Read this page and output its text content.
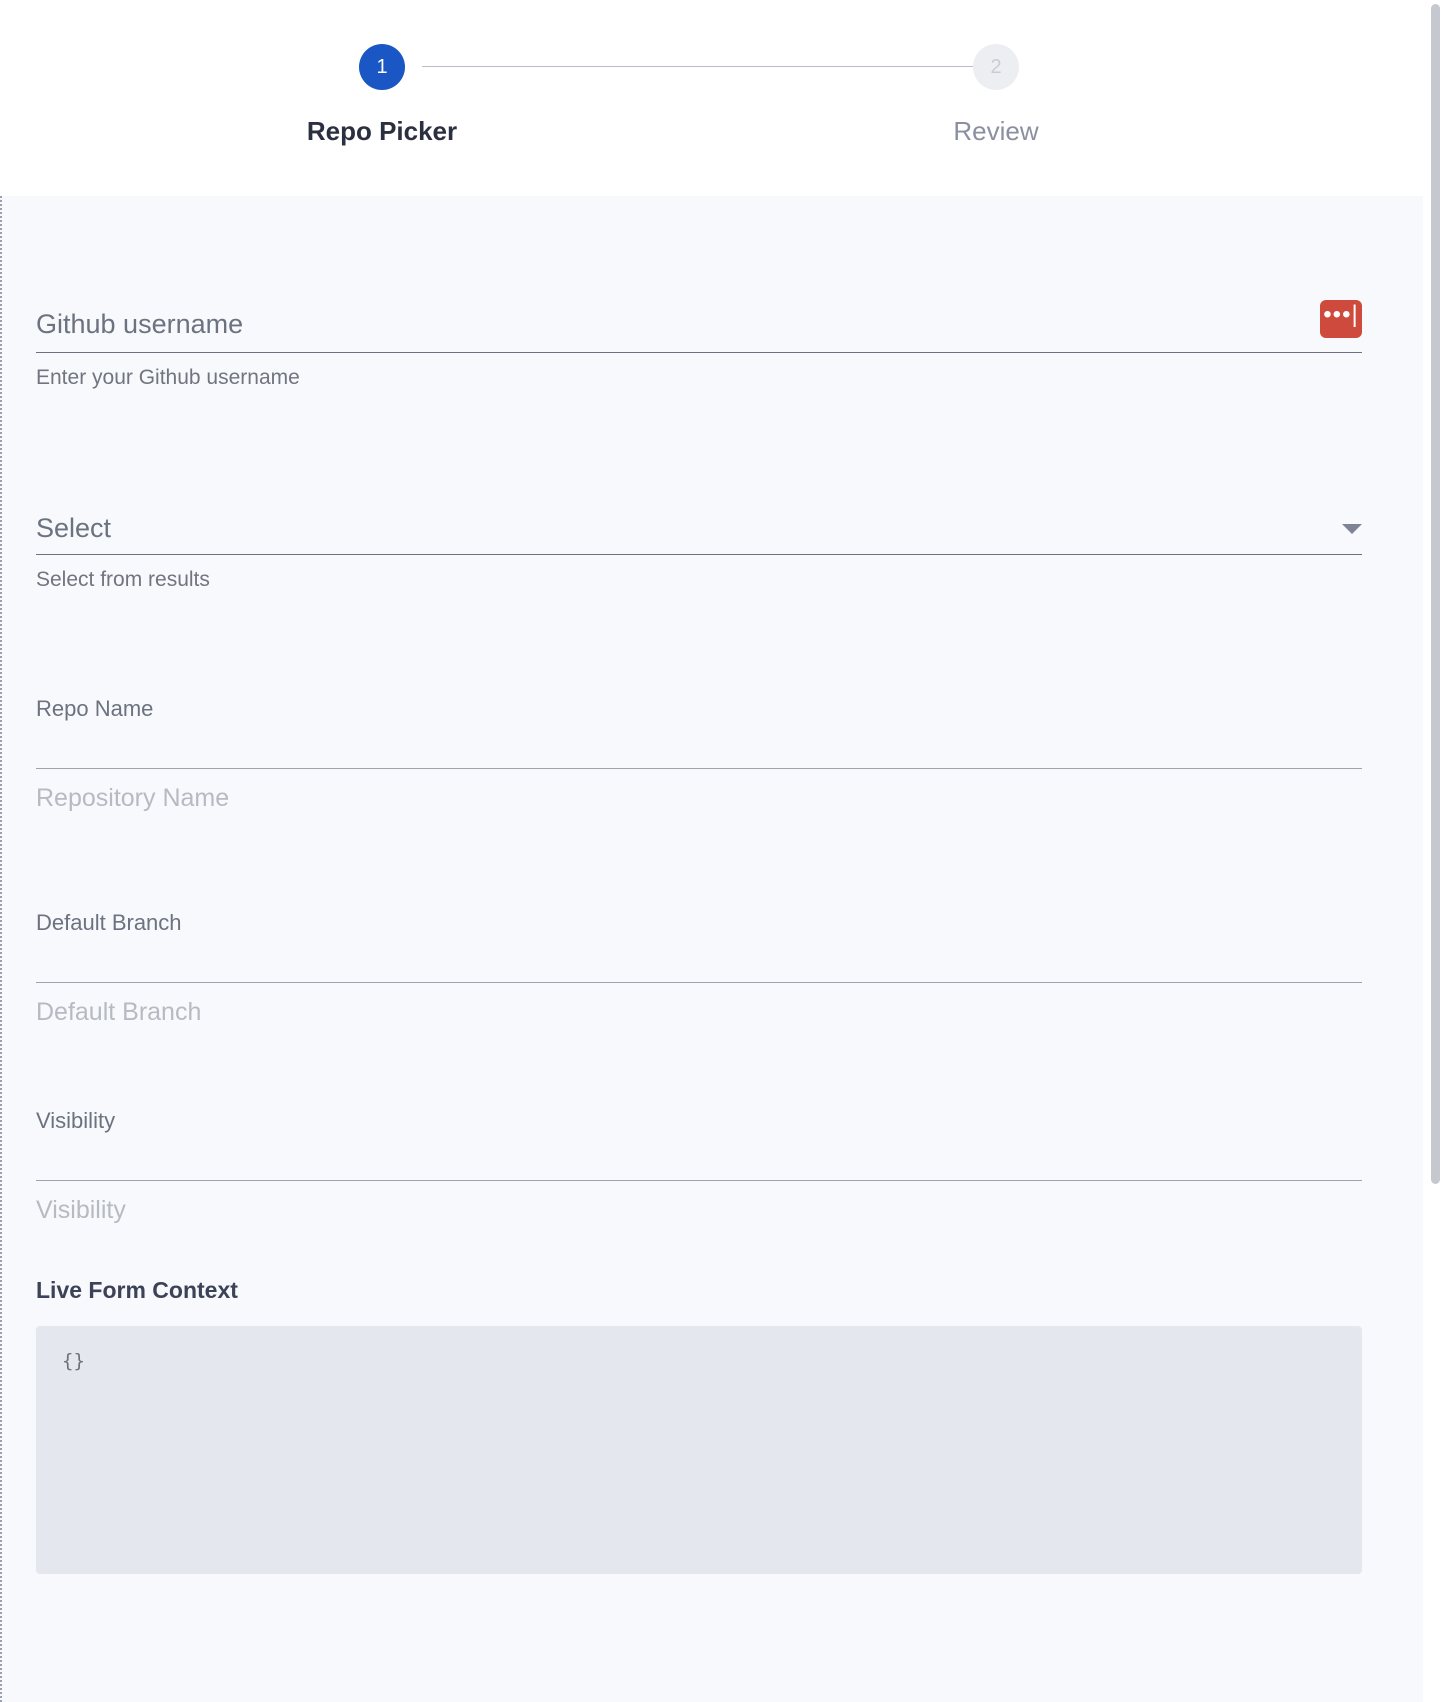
1
Repo Picker
2
Review
Github username	•••|
Enter your Github username
Select
Select from results
Repo Name
Repository Name
Default Branch
Default Branch
Visibility
Visibility
Live Form Context
{}
